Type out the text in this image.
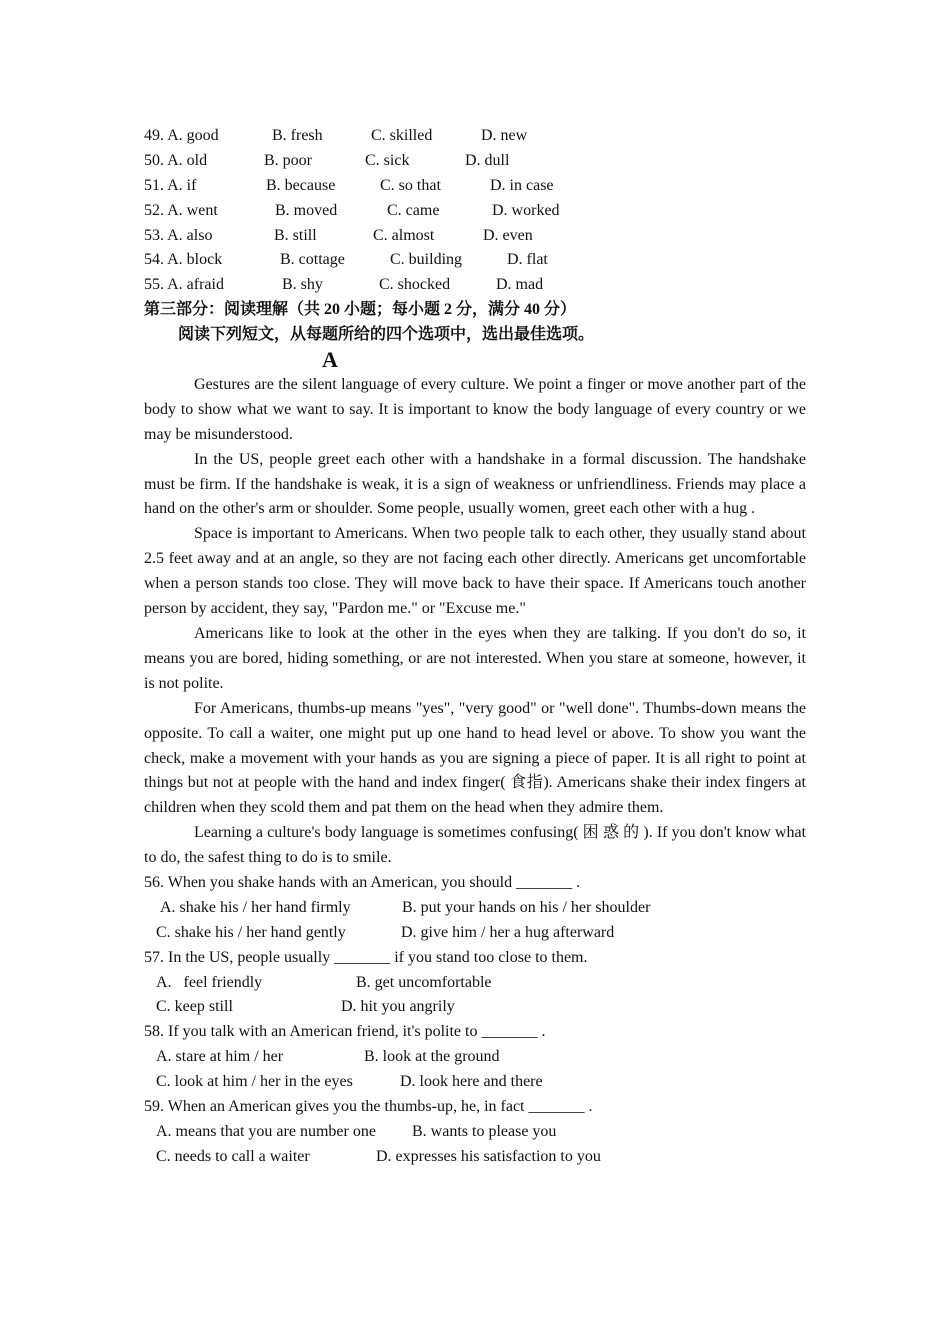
49. A. good	B. fresh	C. skilled	D. new
50. A. old	B. poor	C. sick	D. dull
51. A. if	B. because	C. so that	D. in case
52. A. went	B. moved	C. came	D. worked
53. A. also	B. still	C. almost	D. even
54. A. block	B. cottage	C. building	D. flat
55. A. afraid	B. shy	C. shocked	D. mad
第三部分：阅读理解（共 20 小题；每小题 2 分，满分 40 分）
阅读下列短文，从每题所给的四个选项中，选出最佳选项。
A

Gestures are the silent language of every culture. We point a finger or move another part of the body to show what we want to say. It is important to know the body language of every country or we may be misunderstood.

In the US, people greet each other with a handshake in a formal discussion. The handshake must be firm. If the handshake is weak, it is a sign of weakness or unfriendliness. Friends may place a hand on the other's arm or shoulder. Some people, usually women, greet each other with a hug .

Space is important to Americans. When two people talk to each other, they usually stand about 2.5 feet away and at an angle, so they are not facing each other directly. Americans get uncomfortable when a person stands too close. They will move back to have their space. If Americans touch another person by accident, they say, "Pardon me." or "Excuse me."

Americans like to look at the other in the eyes when they are talking. If you don't do so, it means you are bored, hiding something, or are not interested. When you stare at someone, however, it is not polite.

For Americans, thumbs-up means "yes", "very good" or "well done". Thumbs-down means the opposite. To call a waiter, one might put up one hand to head level or above. To show you want the check, make a movement with your hands as you are signing a piece of paper. It is all right to point at things but not at people with the hand and index finger( 食指). Americans shake their index fingers at children when they scold them and pat them on the head when they admire them.

Learning a culture's body language is sometimes confusing( 困 惑 的 ). If you don't know what to do, the safest thing to do is to smile.

56. When you shake hands with an American, you should _______ .
A. shake his / her hand firmly	B. put your hands on his / her shoulder
C. shake his / her hand gently	D. give him / her a hug afterward
57. In the US, people usually _______ if you stand too close to them.
A.   feel friendly	B. get uncomfortable
C. keep still	D. hit you angrily
58. If you talk with an American friend, it's polite to _______ .
A. stare at him / her	B. look at the ground
C. look at him / her in the eyes	D. look here and there
59. When an American gives you the thumbs-up, he, in fact _______ .
A. means that you are number one B. wants to please you
C. needs to call a waiter	D. expresses his satisfaction to you
